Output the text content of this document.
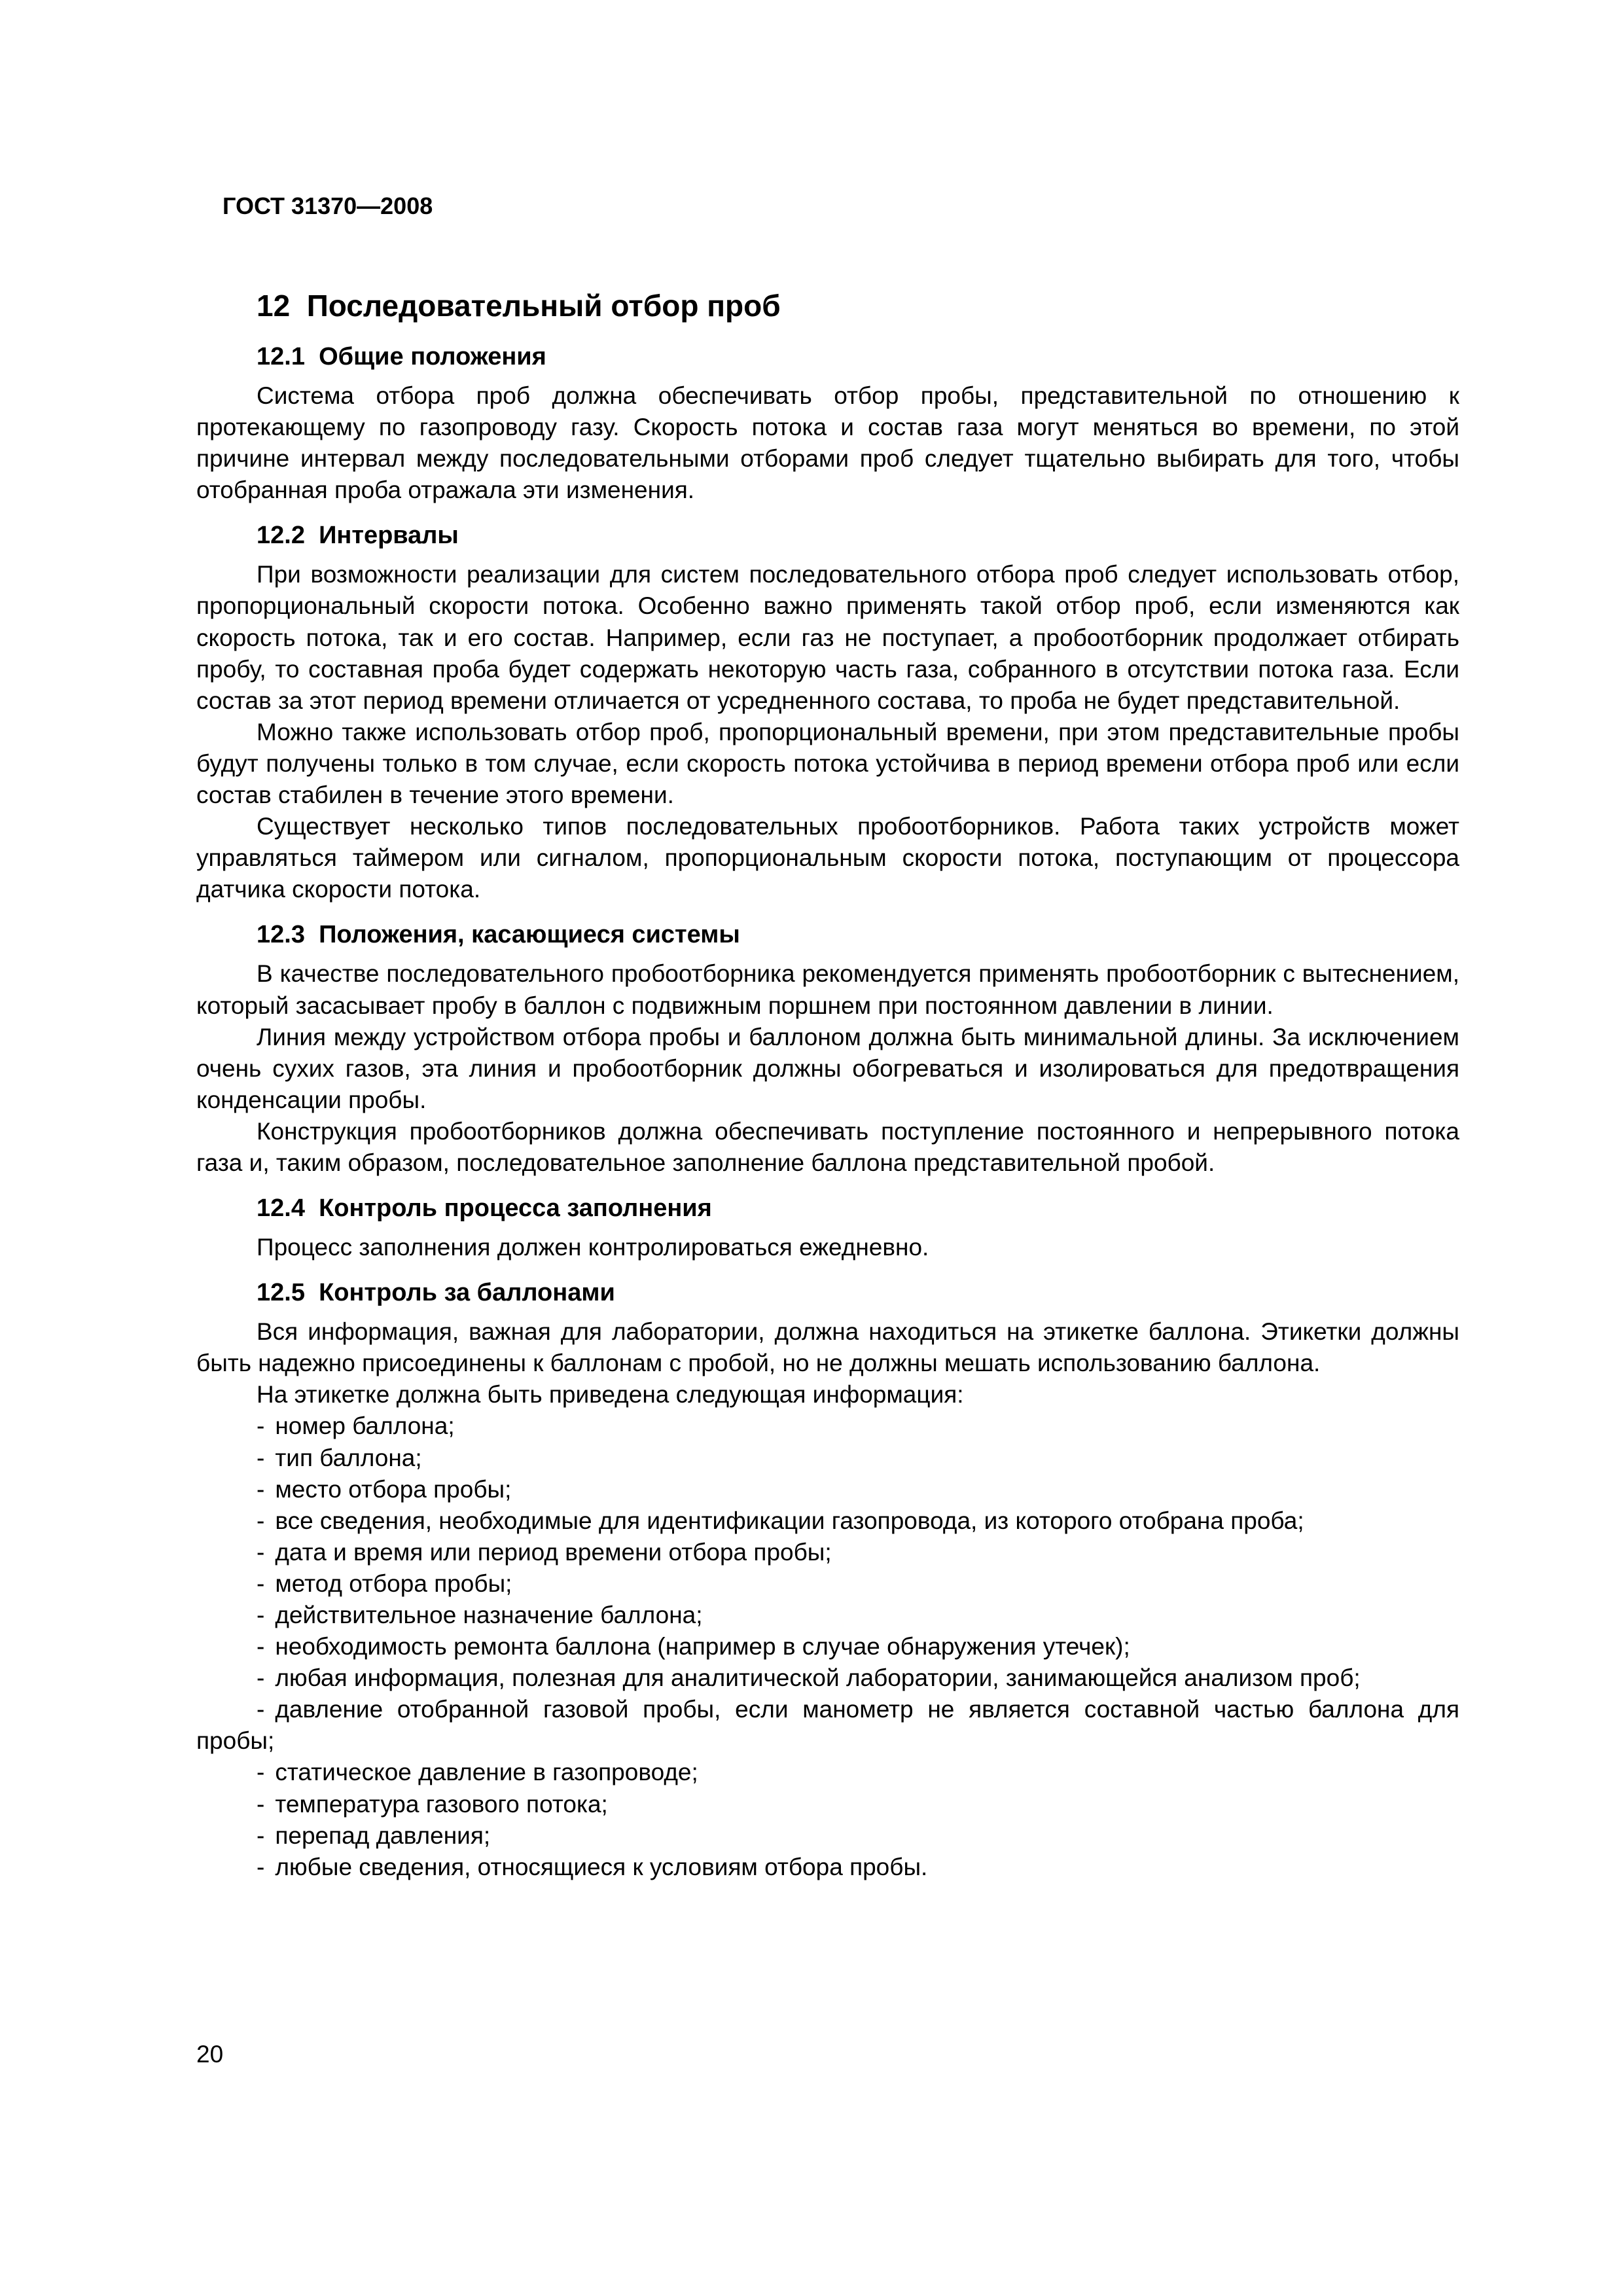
ГОСТ 31370—2008

12  Последовательный отбор проб
12.1  Общие положения

Система отбора проб должна обеспечивать отбор пробы, представительной по отношению к протекающему по газопроводу газу. Скорость потока и состав газа могут меняться во времени, по этой причине интервал между последовательными отборами проб следует тщательно выбирать для того, чтобы отобранная проба отражала эти изменения.

12.2  Интервалы

При возможности реализации для систем последовательного отбора проб следует использовать отбор, пропорциональный скорости потока. Особенно важно применять такой отбор проб, если изменяются как скорость потока, так и его состав. Например, если газ не поступает, а пробоотборник продолжает отбирать пробу, то составная проба будет содержать некоторую часть газа, собранного в отсутствии потока газа. Если состав за этот период времени отличается от усредненного состава, то проба не будет представительной.

Можно также использовать отбор проб, пропорциональный времени, при этом представительные пробы будут получены только в том случае, если скорость потока устойчива в период времени отбора проб или если состав стабилен в течение этого времени.

Существует несколько типов последовательных пробоотборников. Работа таких устройств может управляться таймером или сигналом, пропорциональным скорости потока, поступающим от процессора датчика скорости потока.

12.3  Положения, касающиеся системы

В качестве последовательного пробоотборника рекомендуется применять пробоотборник с вытеснением, который засасывает пробу в баллон с подвижным поршнем при постоянном давлении в линии.

Линия между устройством отбора пробы и баллоном должна быть минимальной длины. За исключением очень сухих газов, эта линия и пробоотборник должны обогреваться и изолироваться для предотвращения конденсации пробы.

Конструкция пробоотборников должна обеспечивать поступление постоянного и непрерывного потока газа и, таким образом, последовательное заполнение баллона представительной пробой.

12.4  Контроль процесса заполнения

Процесс заполнения должен контролироваться ежедневно.

12.5  Контроль за баллонами

Вся информация, важная для лаборатории, должна находиться на этикетке баллона. Этикетки должны быть надежно присоединены к баллонам с пробой, но не должны мешать использованию баллона.

На этикетке должна быть приведена следующая информация:

- номер баллона;

- тип баллона;

- место отбора пробы;

- все сведения, необходимые для идентификации газопровода, из которого отобрана проба;

- дата и время или период времени отбора пробы;

- метод отбора пробы;

- действительное назначение баллона;

- необходимость ремонта баллона (например в случае обнаружения утечек);

- любая информация, полезная для аналитической лаборатории, занимающейся анализом проб;

- давление отобранной газовой пробы, если манометр не является составной частью баллона для пробы;

- статическое давление в газопроводе;

- температура газового потока;

- перепад давления;

- любые сведения, относящиеся к условиям отбора пробы.

20
